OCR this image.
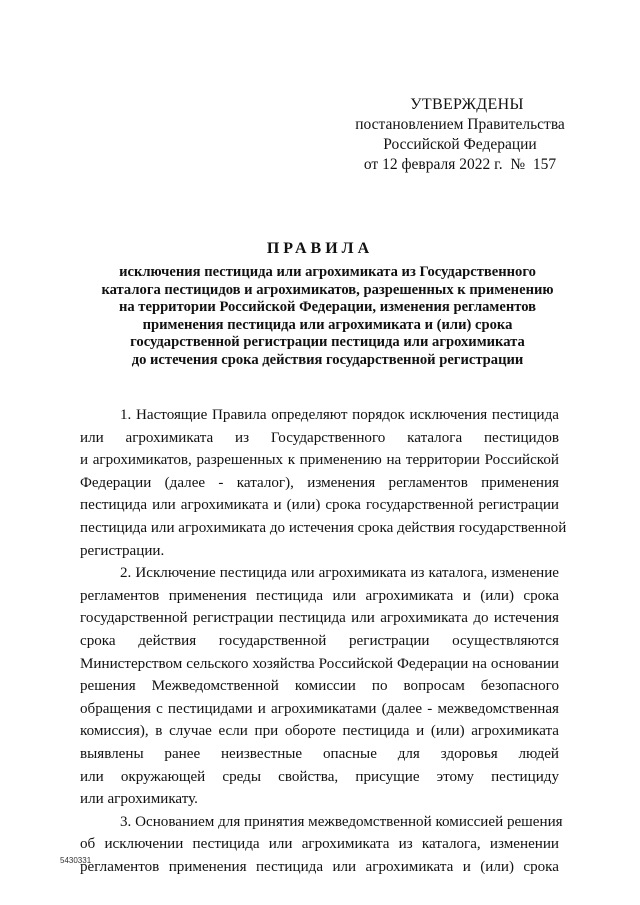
УТВЕРЖДЕНЫ
постановлением Правительства
Российской Федерации
от 12 февраля 2022 г.  №  157
ПРАВИЛА
исключения пестицида или агрохимиката из Государственного
каталога пестицидов и агрохимикатов, разрешенных к применению
на территории Российской Федерации, изменения регламентов
применения пестицида или агрохимиката и (или) срока
государственной регистрации пестицида или агрохимиката
до истечения срока действия государственной регистрации
1. Настоящие Правила определяют порядок исключения пестицида
или агрохимиката из Государственного каталога пестицидов
и агрохимикатов, разрешенных к применению на территории Российской
Федерации (далее - каталог), изменения регламентов применения
пестицида или агрохимиката и (или) срока государственной регистрации
пестицида или агрохимиката до истечения срока действия государственной
регистрации.
2. Исключение пестицида или агрохимиката из каталога, изменение
регламентов применения пестицида или агрохимиката и (или) срока
государственной регистрации пестицида или агрохимиката до истечения
срока действия государственной регистрации осуществляются
Министерством сельского хозяйства Российской Федерации на основании
решения Межведомственной комиссии по вопросам безопасного
обращения с пестицидами и агрохимикатами (далее - межведомственная
комиссия), в случае если при обороте пестицида и (или) агрохимиката
выявлены ранее неизвестные опасные для здоровья людей
или окружающей среды свойства, присущие этому пестициду
или агрохимикату.
3. Основанием для принятия межведомственной комиссией решения
об исключении пестицида или агрохимиката из каталога, изменении
регламентов применения пестицида или агрохимиката и (или) срока
5430331
